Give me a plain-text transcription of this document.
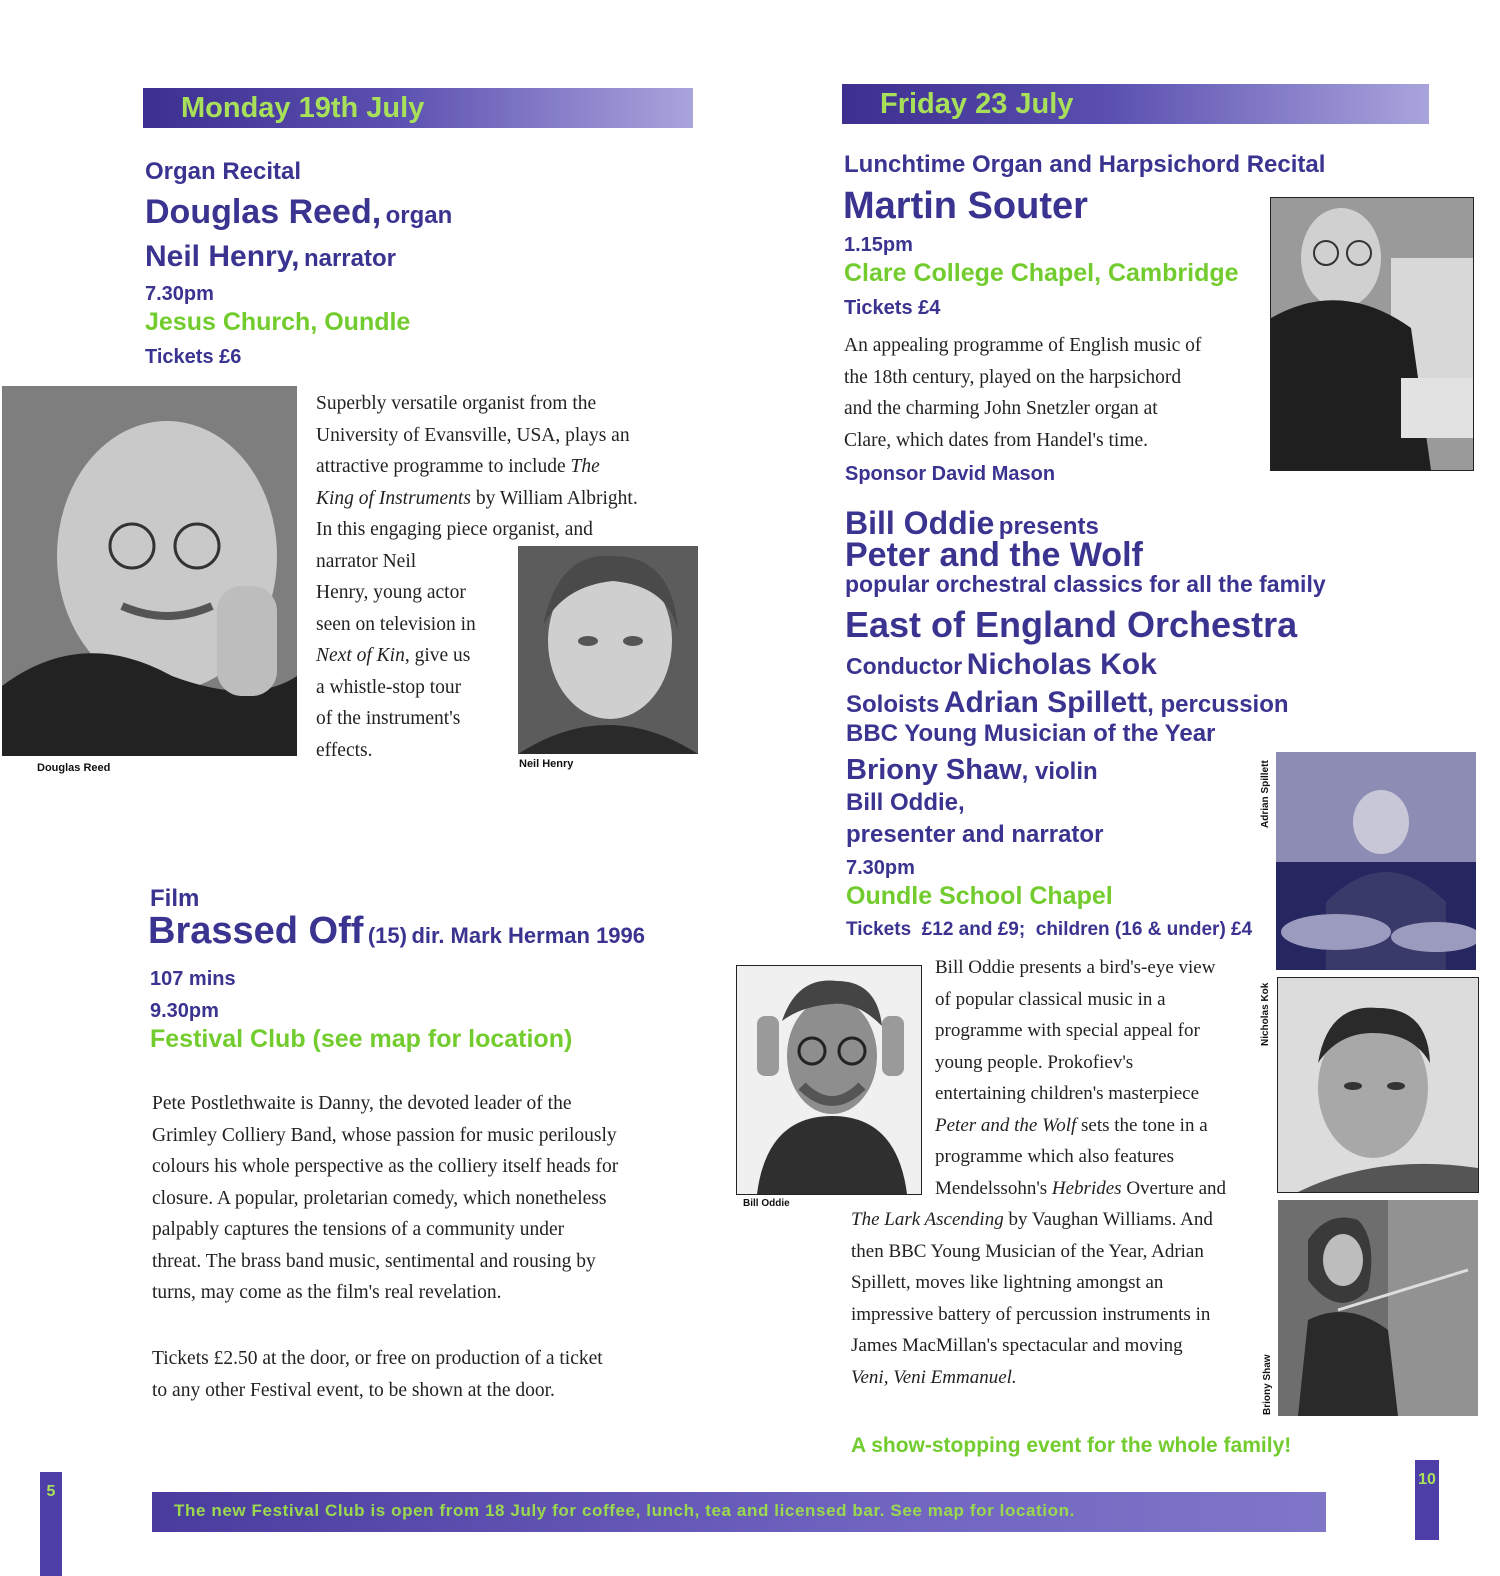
Monday 19th July
Organ Recital
Douglas Reed, organ
Neil Henry, narrator
7.30pm
Jesus Church, Oundle
Tickets £6
Douglas Reed	Neil Henry
Superbly versatile organist from the
University of Evansville, USA, plays an
attractive programme to include The
King of Instruments by William Albright.
In this engaging piece organist, and
narrator Neil
Henry, young actor
seen on television in
Next of Kin, give us
a whistle-stop tour
of the instrument's
effects.
Film
Brassed Off (15) dir. Mark Herman 1996
107 mins
9.30pm
Festival Club (see map for location)
Pete Postlethwaite is Danny, the devoted leader of the
Grimley Colliery Band, whose passion for music perilously
colours his whole perspective as the colliery itself heads for
closure. A popular, proletarian comedy, which nonetheless
palpably captures the tensions of a community under
threat. The brass band music, sentimental and rousing by
turns, may come as the film's real revelation.
Tickets £2.50 at the door, or free on production of a ticket
to any other Festival event, to be shown at the door.
5
Friday 23 July
Lunchtime Organ and Harpsichord Recital
Martin Souter
1.15pm
Clare College Chapel, Cambridge
Tickets £4
An appealing programme of English music of
the 18th century, played on the harpsichord
and the charming John Snetzler organ at
Clare, which dates from Handel's time.
Sponsor David Mason
Bill Oddie presents
Peter and the Wolf
popular orchestral classics for all the family
East of England Orchestra
Conductor Nicholas Kok
Soloists Adrian Spillett, percussion
BBC Young Musician of the Year
Briony Shaw, violin
Bill Oddie,
presenter and narrator
7.30pm
Oundle School Chapel
Tickets  £12 and £9;  children (16 & under) £4
Adrian Spillett
Nicholas Kok
Briony Shaw
Bill Oddie
Bill Oddie presents a bird's-eye view
of popular classical music in a
programme with special appeal for
young people. Prokofiev's
entertaining children's masterpiece
Peter and the Wolf sets the tone in a
programme which also features
Mendelssohn's Hebrides Overture and
The Lark Ascending by Vaughan Williams. And
then BBC Young Musician of the Year, Adrian
Spillett, moves like lightning amongst an
impressive battery of percussion instruments in
James MacMillan's spectacular and moving
Veni, Veni Emmanuel.
A show-stopping event for the whole family!
10
The new Festival Club is open from 18 July for coffee, lunch, tea and licensed bar. See map for location.
